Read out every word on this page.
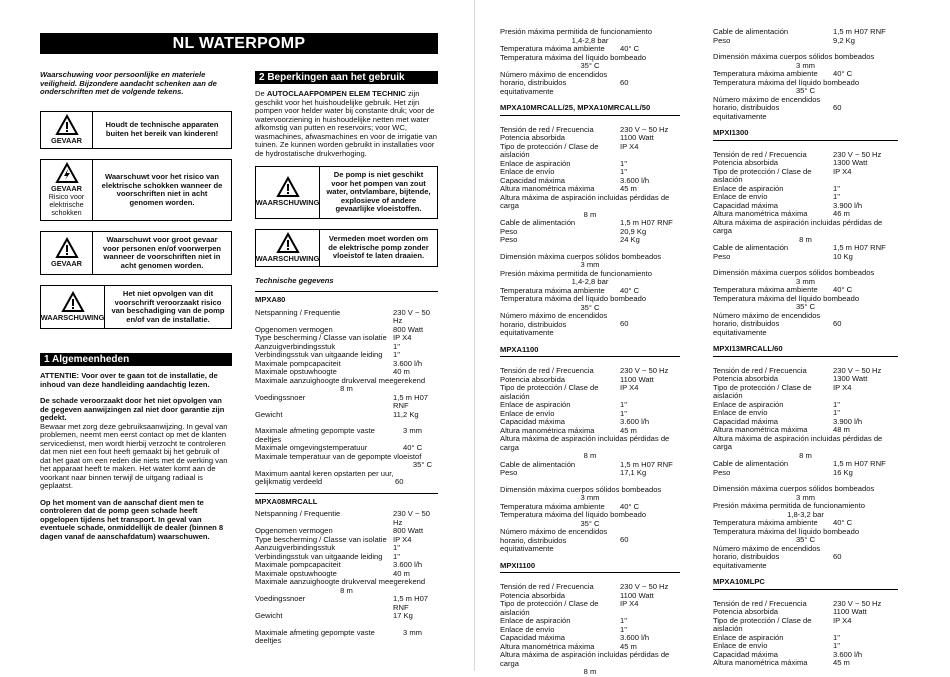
NL WATERPOMP
Waarschuwing voor persoonlijke en materiele veiligheid. Bijzondere aandacht schenken aan de onderschriften met de volgende tekens.
GEVAAR
Houdt de technische apparaten buiten het bereik van kinderen!
GEVAAR
Risico voor elektrische schokken
Waarschuwt voor het risico van elektrische schokken wanneer de voorschriften niet in acht genomen worden.
GEVAAR
Waarschuwt voor groot gevaar voor personen en/of voorwerpen wanneer de voorschriften niet in acht genomen worden.
WAARSCHUWING
Het niet opvolgen van dit voorschrift veroorzaakt risico van beschadiging van de pomp en/of van de installatie.
1 Algemeenheden
ATTENTIE: Voor over te gaan tot de installatie, de inhoud van deze handleiding aandachtig lezen.
De schade veroorzaakt door het niet opvolgen van de gegeven aanwijzingen zal niet door garantie zijn gedekt.
Bewaar met zorg deze gebruiksaanwijzing. In geval van problemen, neemt men eerst contact op met de klanten servicedienst, men wordt hierbij verzocht te controleren dat men niet een fout heeft gemaakt bij het gebruik of dat het gaat om een reden die niets met de werking van het apparaat heeft te maken. Het water komt aan de voorkant naar binnen terwijl de uitgang radiaal is geplaatst.
Op het moment van de aanschaf dient men te controleren dat de pomp geen schade heeft opgelopen tijdens het transport. In geval van eventuele schade, onmiddellijk de dealer (binnen 8 dagen vanaf de aanschafdatum) waarschuwen.
2 Beperkingen aan het gebruik
De AUTOCLAAFPOMPEN ELEM TECHNIC zijn geschikt voor het huishoudelijke gebruik. Het zijn pompen voor helder water bij constante druk; voor de watervoorziening in huishoudelijke netten met water afkomstig van putten en reservoirs; voor WC, wasmachines, afwasmachines en voor de irrigatie van tuinen. Ze kunnen worden gebruikt in installaties voor de hydrostatische drukverhoging.
WAARSCHUWING
De pomp is niet geschikt voor het pompen van zout water, ontvlambare, bijtende, explosieve of andere gevaarlijke vloeistoffen.
WAARSCHUWING
Vermeden moet worden om de elektrische pomp zonder vloeistof te laten draaien.
Technische gegevens
MPXA80
Netspanning / Frequentie	230 V ~ 50 Hz
Opgenomen vermogen	800 Watt
Type bescherming / Classe van isolatie IP X4
Aanzuigverbindingsstuk	1"
Verbindingsstuk van uitgaande leiding	1"
Maximale pompcapaciteit	3.600 l/h
Maximale opstuwhoogte	40 m
Maximale aanzuighoogte drukverval meegerekend
8 m
Voedingssnoer	1,5 m H07 RNF
Gewicht	11,2 Kg
Maximale afmeting gepompte vaste deeltjes
3 mm
Maximale omgevingstemperatuur	40° C
Maximale temperatuur van de gepompte vloeistof
35° C
Maximum aantal keren opstarten per uur, gelijkmatig verdeeld	60
MPXA08MRCALL
Netspanning / Frequentie	230 V ~ 50 Hz
Opgenomen vermogen	800 Watt
Type bescherming / Classe van isolatie IP X4
Aanzuigverbindingsstuk	1"
Verbindingsstuk van uitgaande leiding	1"
Maximale pompcapaciteit	3.600 l/h
Maximale opstuwhoogte	40 m
Maximale aanzuighoogte drukverval meegerekend
8 m
Voedingssnoer	1,5 m H07 RNF
Gewicht	17 Kg
Maximale afmeting gepompte vaste deeltjes
3 mm
Presión máxima permitida de funcionamiento
1,4-2,8 bar
Temperatura máxima ambiente	40° C
Temperatura máxima del líquido bombeado
35° C
Número máximo de encendidos horario, distribuidos equitativamente
60
MPXA10MRCALL/25, MPXA10MRCALL/50
Tensión de red / Frecuencia	230 V ~ 50 Hz
Potencia absorbida	1100 Watt
Tipo de protección / Clase de aislación
IP X4
Enlace de aspiración	1"
Enlace de envío	1"
Capacidad máxima	3.600 l/h
Altura manométrica máxima	45 m
Altura máxima de aspiración incluidas pérdidas de carga
8 m
Cable de alimentación	1,5 m H07 RNF
Peso	20,9 Kg
Peso	24 Kg
Dimensión máxima cuerpos sólidos bombeados
3 mm
Presión máxima permitida de funcionamiento
1,4-2,8 bar
Temperatura máxima ambiente	40° C
Temperatura máxima del líquido bombeado
35° C
Número máximo de encendidos horario, distribuidos equitativamente
60
MPXA1100
Tensión de red / Frecuencia	230 V ~ 50 Hz
Potencia absorbida	1100 Watt
Tipo de protección / Clase de aislación
IP X4
Enlace de aspiración	1"
Enlace de envío	1"
Capacidad máxima	3.600 l/h
Altura manométrica máxima	45 m
Altura máxima de aspiración incluidas pérdidas de carga
8 m
Cable de alimentación	1,5 m H07 RNF
Peso	17,1 Kg
Dimensión máxima cuerpos sólidos bombeados
3 mm
Temperatura máxima ambiente	40° C
Temperatura máxima del líquido bombeado
35° C
Número máximo de encendidos horario, distribuidos equitativamente
60
MPXI1100
Tensión de red / Frecuencia	230 V ~ 50 Hz
Potencia absorbida	1100 Watt
Tipo de protección / Clase de aislación
IP X4
Enlace de aspiración	1"
Enlace de envío	1"
Capacidad máxima	3.600 l/h
Altura manométrica máxima	45 m
Altura máxima de aspiración incluidas pérdidas de carga
8 m
Cable de alimentación	1,5 m H07 RNF
Peso	9,2 Kg
Dimensión máxima cuerpos sólidos bombeados
3 mm
Temperatura máxima ambiente	40° C
Temperatura máxima del líquido bombeado
35° C
Número máximo de encendidos horario, distribuidos equitativamente
60
MPXI1300
Tensión de red / Frecuencia	230 V ~ 50 Hz
Potencia absorbida	1300 Watt
Tipo de protección / Clase de aislación
IP X4
Enlace de aspiración	1"
Enlace de envío	1"
Capacidad máxima	3.900 l/h
Altura manométrica máxima	46 m
Altura máxima de aspiración incluidas pérdidas de carga
8 m
Cable de alimentación	1,5 m H07 RNF
Peso	10 Kg
Dimensión máxima cuerpos sólidos bombeados
3 mm
Temperatura máxima ambiente	40° C
Temperatura máxima del líquido bombeado
35° C
Número máximo de encendidos horario, distribuidos equitativamente
60
MPXI13MRCALL/60
Tensión de red / Frecuencia	230 V ~ 50 Hz
Potencia absorbida	1300 Watt
Tipo de protección / Clase de aislación
IP X4
Enlace de aspiración	1"
Enlace de envío	1"
Capacidad máxima	3.900 l/h
Altura manométrica máxima	48 m
Altura máxima de aspiración incluidas pérdidas de carga
8 m
Cable de alimentación	1,5 m H07 RNF
Peso	16 Kg
Dimensión máxima cuerpos sólidos bombeados
3 mm
Presión máxima permitida de funcionamiento
1,8-3,2 bar
Temperatura máxima ambiente	40° C
Temperatura máxima del líquido bombeado
35° C
Número máximo de encendidos horario, distribuidos equitativamente
60
MPXA10MLPC
Tensión de red / Frecuencia	230 V ~ 50 Hz
Potencia absorbida	1100 Watt
Tipo de protección / Clase de aislación
IP X4
Enlace de aspiración	1"
Enlace de envío	1"
Capacidad máxima	3.600 l/h
Altura manométrica máxima	45 m
